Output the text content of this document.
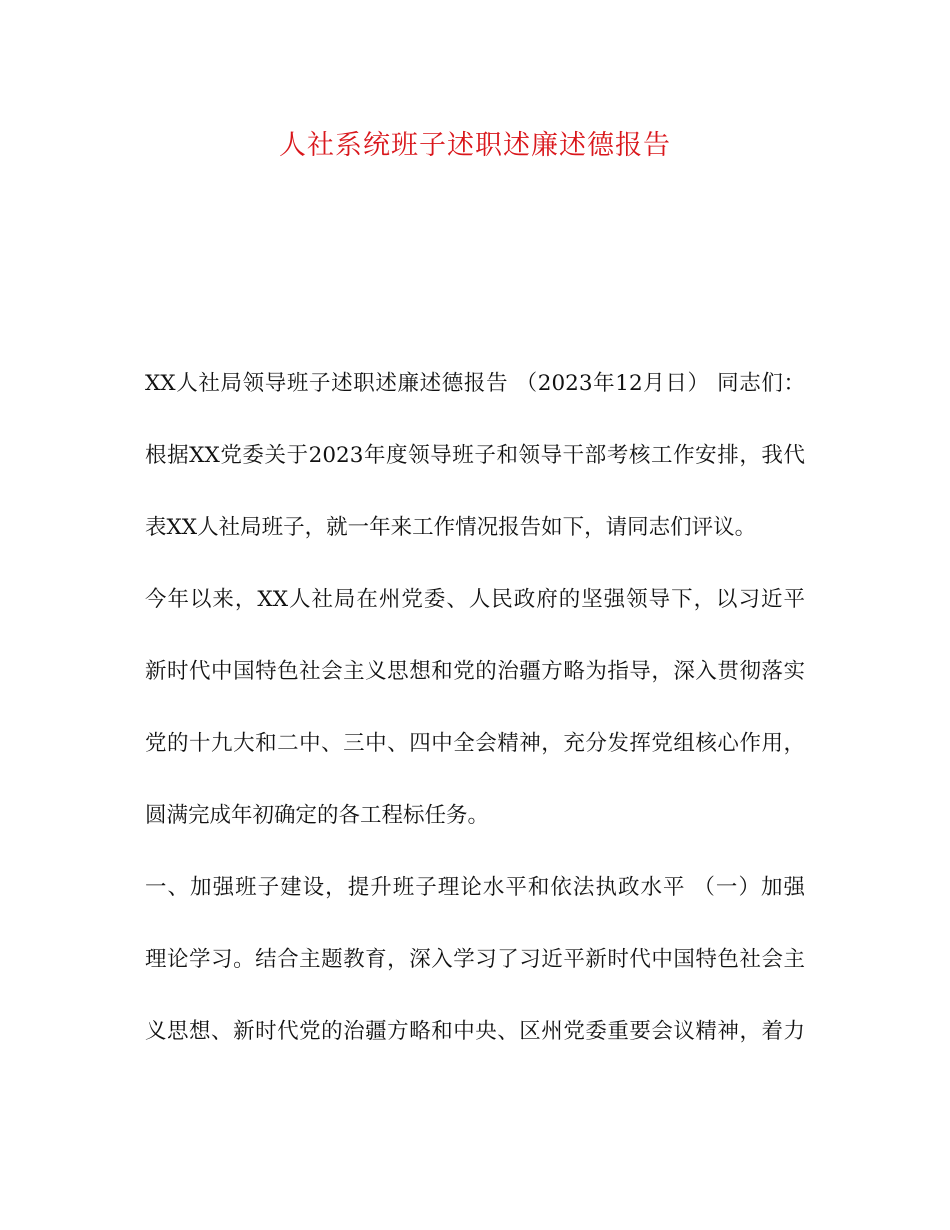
人社系统班子述职述廉述德报告
XX人社局领导班子述职述廉述德报告 （2023年12月日） 同志们：
根据XX党委关于2023年度领导班子和领导干部考核工作安排，我代
表XX人社局班子，就一年来工作情况报告如下，请同志们评议。
今年以来，XX人社局在州党委、人民政府的坚强领导下，以习近平
新时代中国特色社会主义思想和党的治疆方略为指导，深入贯彻落实
党的十九大和二中、三中、四中全会精神，充分发挥党组核心作用，
圆满完成年初确定的各工程标任务。
一、加强班子建设，提升班子理论水平和依法执政水平 （一）加强
理论学习。结合主题教育，深入学习了习近平新时代中国特色社会主
义思想、新时代党的治疆方略和中央、区州党委重要会议精神，着力
